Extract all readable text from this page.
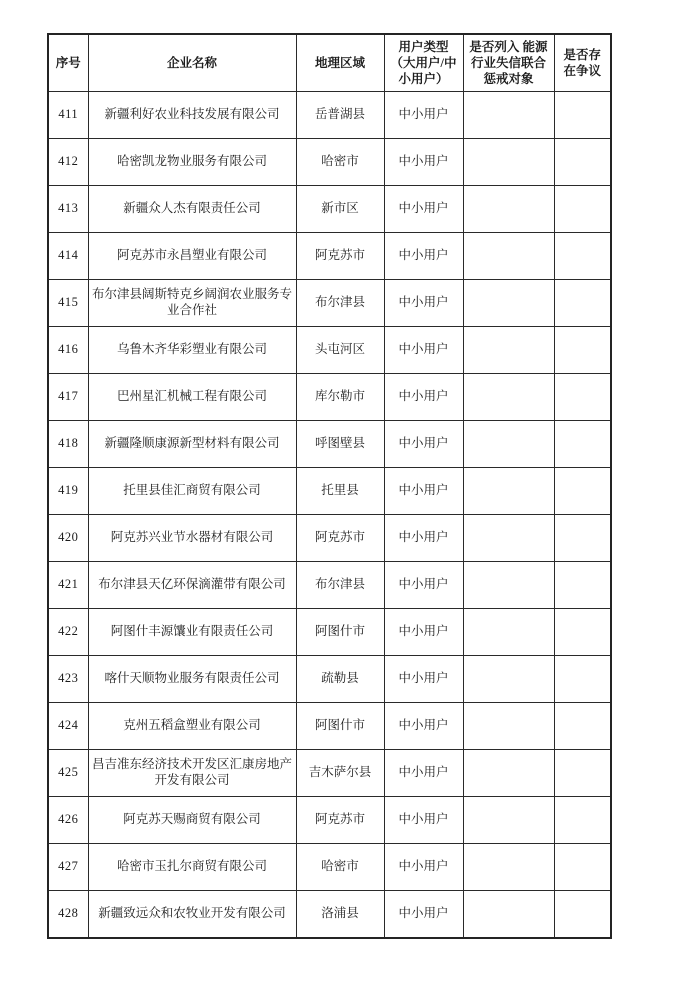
序号	企业名称	地理区域	用户类型（大用户/中小用户）	是否列入 能源行业失信联合惩戒对象	是否存在争议
411	新疆利好农业科技发展有限公司	岳普湖县	中小用户		
412	哈密凯龙物业服务有限公司	哈密市	中小用户		
413	新疆众人杰有限责任公司	新市区	中小用户		
414	阿克苏市永昌塑业有限公司	阿克苏市	中小用户		
415	布尔津县阔斯特克乡阔润农业服务专业合作社	布尔津县	中小用户		
416	乌鲁木齐华彩塑业有限公司	头屯河区	中小用户		
417	巴州星汇机械工程有限公司	库尔勒市	中小用户		
418	新疆隆顺康源新型材料有限公司	呼图壁县	中小用户		
419	托里县佳汇商贸有限公司	托里县	中小用户		
420	阿克苏兴业节水器材有限公司	阿克苏市	中小用户		
421	布尔津县天亿环保滴灌带有限公司	布尔津县	中小用户		
422	阿图什丰源馕业有限责任公司	阿图什市	中小用户		
423	喀什天顺物业服务有限责任公司	疏勒县	中小用户		
424	克州五稻盒塑业有限公司	阿图什市	中小用户		
425	昌吉准东经济技术开发区汇康房地产开发有限公司	吉木萨尔县	中小用户		
426	阿克苏天赐商贸有限公司	阿克苏市	中小用户		
427	哈密市玉扎尔商贸有限公司	哈密市	中小用户		
428	新疆致远众和农牧业开发有限公司	洛浦县	中小用户		
